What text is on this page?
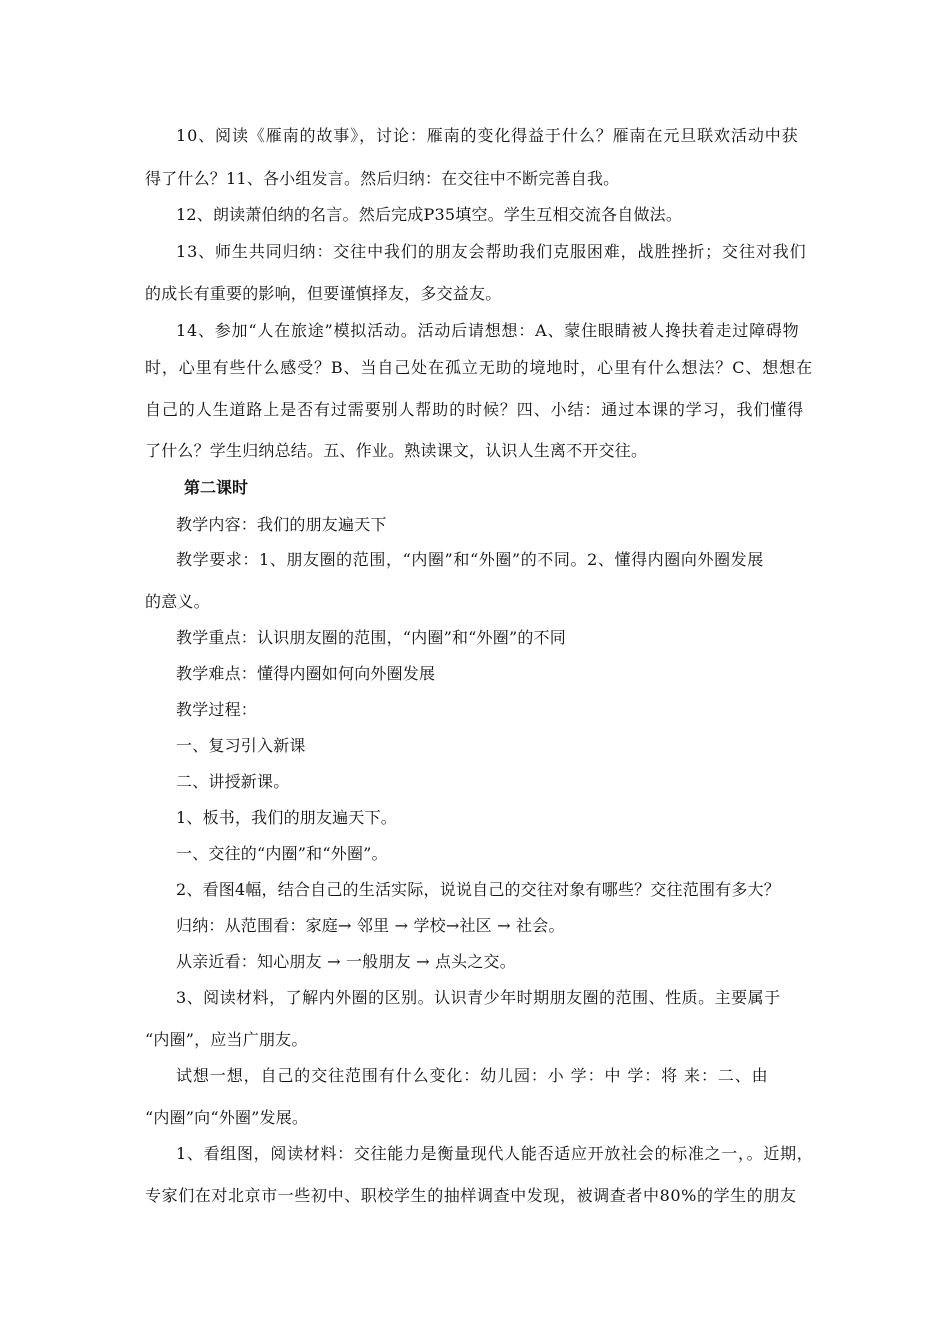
10、阅读《雁南的故事》，讨论：雁南的变化得益于什么？雁南在元旦联欢活动中获
得了什么？11、各小组发言。然后归纳：在交往中不断完善自我。
12、朗读萧伯纳的名言。然后完成P35填空。学生互相交流各自做法。
13、师生共同归纳：交往中我们的朋友会帮助我们克服困难，战胜挫折；交往对我们
的成长有重要的影响，但要谨慎择友，多交益友。
14、参加“人在旅途”模拟活动。活动后请想想：A、蒙住眼睛被人搀扶着走过障碍物
时，心里有些什么感受？B、当自己处在孤立无助的境地时，心里有什么想法？C、想想在
自己的人生道路上是否有过需要别人帮助的时候？四、小结：通过本课的学习，我们懂得
了什么？学生归纳总结。五、作业。熟读课文，认识人生离不开交往。
第二课时
教学内容：我们的朋友遍天下
教学要求：1、朋友圈的范围，“内圈”和“外圈”的不同。2、懂得内圈向外圈发展
的意义。
教学重点：认识朋友圈的范围，“内圈”和“外圈”的不同
教学难点：懂得内圈如何向外圈发展
教学过程：
一、复习引入新课
二、讲授新课。
1、板书，我们的朋友遍天下。
一、交往的“内圈”和“外圈”。
2、看图4幅，结合自己的生活实际，说说自己的交往对象有哪些？交往范围有多大？
归纳：从范围看：家庭→ 邻里 → 学校→社区 → 社会。
从亲近看：知心朋友 → 一般朋友 → 点头之交。
3、阅读材料，了解内外圈的区别。认识青少年时期朋友圈的范围、性质。主要属于
“内圈”，应当广朋友。
试想一想，自己的交往范围有什么变化：幼儿园：小 学：中 学：将 来：二、由
“内圈”向“外圈”发展。
1、看组图，阅读材料：交往能力是衡量现代人能否适应开放社会的标准之一，。近期，
专家们在对北京市一些初中、职校学生的抽样调查中发现，被调查者中80%的学生的朋友
